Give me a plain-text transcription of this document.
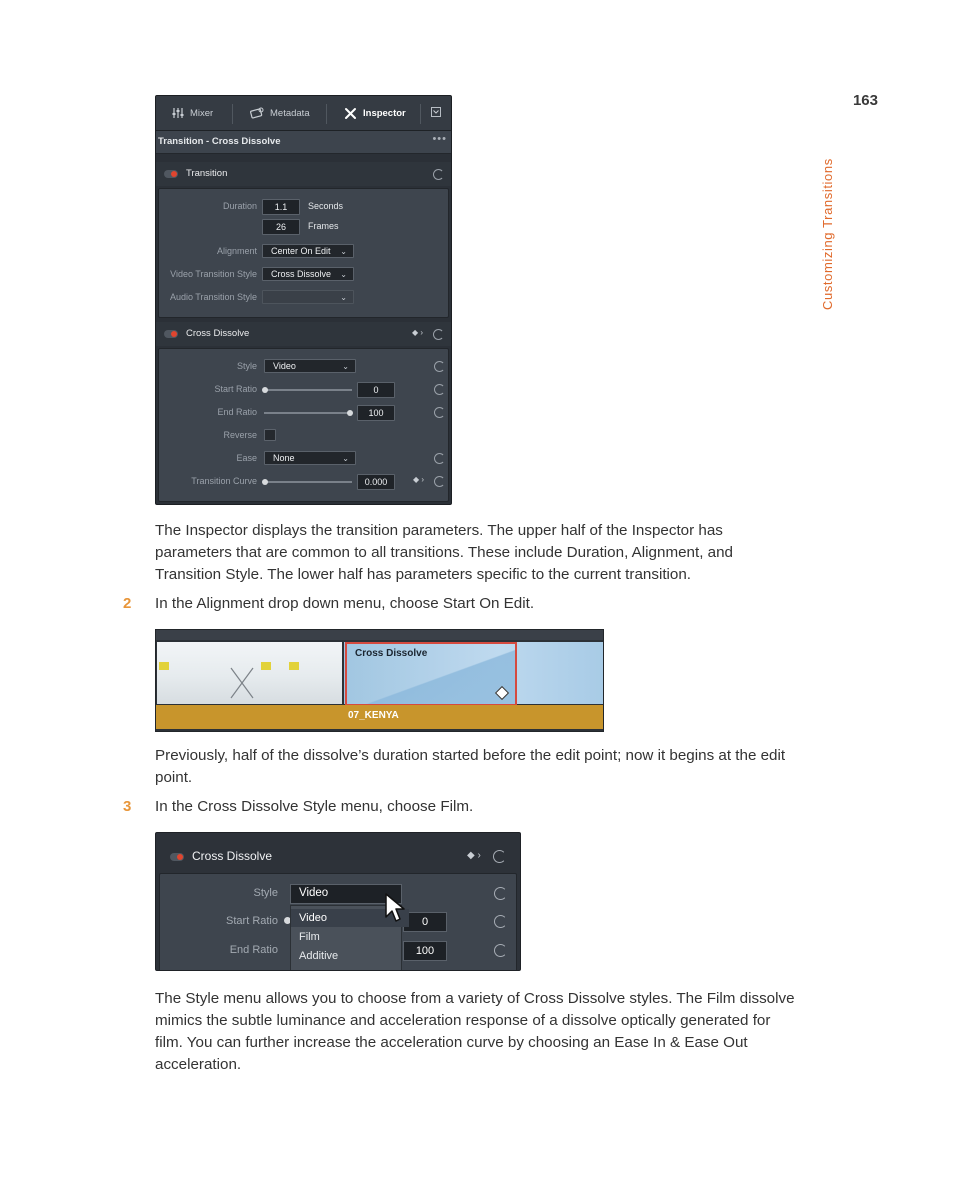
163
Customizing Transitions
Mixer	Metadata	Inspector
Transition - Cross Dissolve	•••
Transition
Duration	1.1	Seconds
26	Frames
Alignment Center On Edit ⌄
Video Transition Style Cross Dissolve ⌄
Audio Transition Style	⌄
Cross Dissolve	◆ ›
Style Video	⌄
Start Ratio	0
End Ratio	100
Reverse
Ease None	⌄
Transition Curve	0.000	◆ ›
The Inspector displays the transition parameters. The upper half of the Inspector has parameters that are common to all transitions. These include Duration, Alignment, and Transition Style. The lower half has parameters specific to the current transition.
2 In the Alignment drop down menu, choose Start On Edit.
Cross Dissolve
07_KENYA
Previously, half of the dissolve’s duration started before the edit point; now it begins at the edit point.
3 In the Cross Dissolve Style menu, choose Film.
Cross Dissolve	◆ ›
Style	Video
Start Ratio	0
End Ratio	100
Video
Film
Additive
The Style menu allows you to choose from a variety of Cross Dissolve styles. The Film dissolve mimics the subtle luminance and acceleration response of a dissolve optically generated for film. You can further increase the acceleration curve by choosing an Ease In & Ease Out acceleration.
